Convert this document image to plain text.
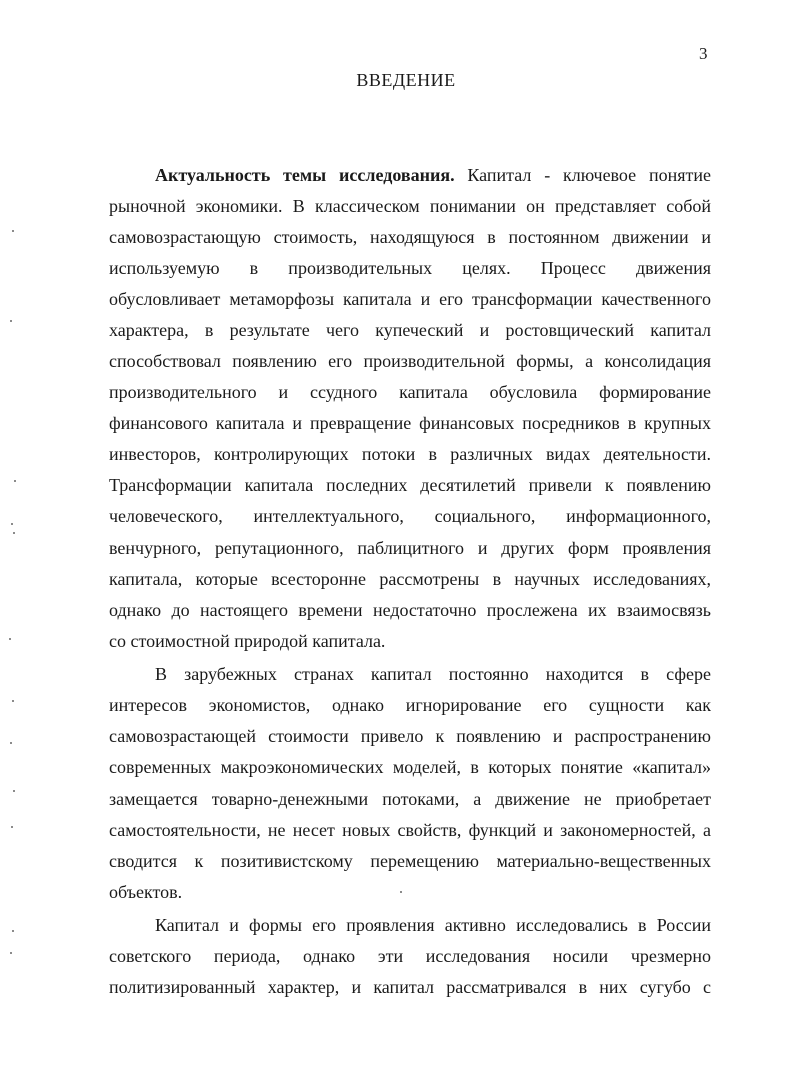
3
ВВЕДЕНИЕ
Актуальность темы исследования. Капитал - ключевое понятие
рыночной экономики. В классическом понимании он представляет собой
самовозрастающую стоимость, находящуюся в постоянном движении и
используемую в производительных целях. Процесс движения
обусловливает метаморфозы капитала и его трансформации качественного
характера, в результате чего купеческий и ростовщический капитал
способствовал появлению его производительной формы, а консолидация
производительного и ссудного капитала обусловила формирование
финансового капитала и превращение финансовых посредников в крупных
инвесторов, контролирующих потоки в различных видах деятельности.
Трансформации капитала последних десятилетий привели к появлению
человеческого, интеллектуального, социального, информационного,
венчурного, репутационного, паблицитного и других форм проявления
капитала, которые всесторонне рассмотрены в научных исследованиях,
однако до настоящего времени недостаточно прослежена их взаимосвязь
со стоимостной природой капитала.
В зарубежных странах капитал постоянно находится в сфере
интересов экономистов, однако игнорирование его сущности как
самовозрастающей стоимости привело к появлению и распространению
современных макроэкономических моделей, в которых понятие «капитал»
замещается товарно-денежными потоками, а движение не приобретает
самостоятельности, не несет новых свойств, функций и закономерностей, а
сводится к позитивистскому перемещению материально-вещественных
объектов.
Капитал и формы его проявления активно исследовались в России
советского периода, однако эти исследования носили чрезмерно
политизированный характер, и капитал рассматривался в них сугубо с
